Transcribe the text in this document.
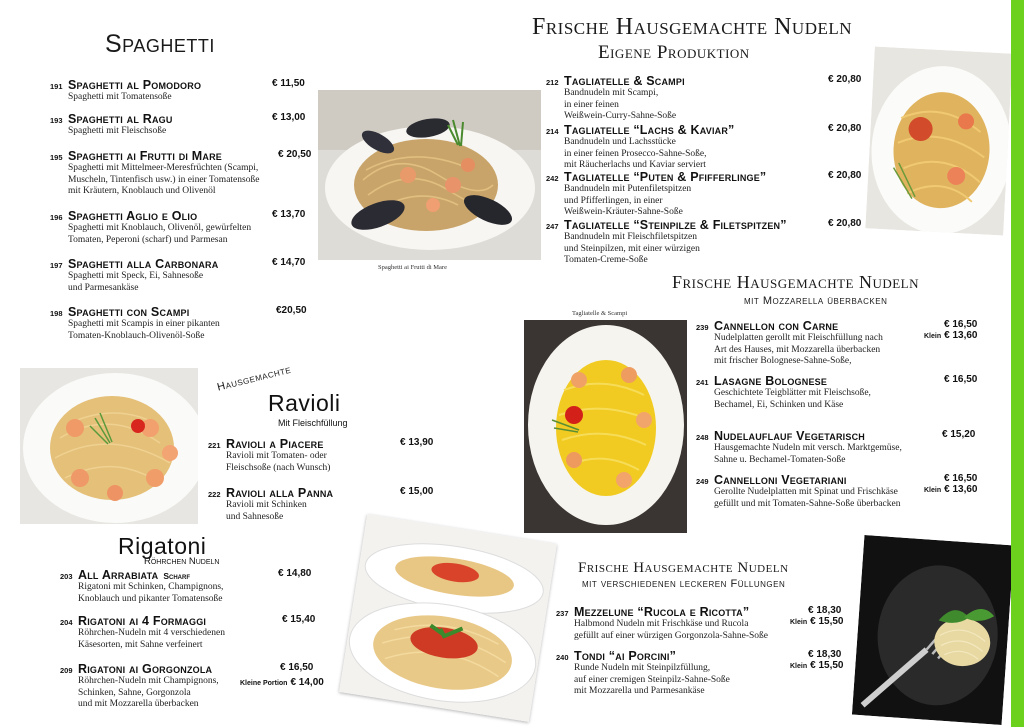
Spaghetti
191 Spaghetti al Pomodoro	€ 11,50
Spaghetti mit Tomatensoße
193 Spaghetti al Ragu	€ 13,00
Spaghetti mit Fleischsoße
195 Spaghetti ai Frutti di Mare	€ 20,50
Spaghetti mit Mittelmeer-Meresfrüchten (Scampi,
Muscheln, Tintenfisch usw.) in einer Tomatensoße
mit Kräutern, Knoblauch und Olivenöl
196 Spaghetti Aglio e Olio	€ 13,70
Spaghetti mit Knoblauch, Olivenöl, gewürfelten
Tomaten, Peperoni (scharf) und Parmesan
197 Spaghetti alla Carbonara	€ 14,70
Spaghetti mit Speck, Ei, Sahnesoße
und Parmesankäse
198 Spaghetti con Scampi	€20,50
Spaghetti mit Scampis in einer pikanten
Tomaten-Knoblauch-Olivenöl-Soße
Spaghetti ai Frutti di Mare
Hausgemachte
Ravioli
Mit Fleischfüllung
221 Ravioli a Piacere	€ 13,90
Ravioli mit Tomaten- oder
Fleischsoße (nach Wunsch)
222 Ravioli alla Panna	€ 15,00
Ravioli mit Schinken
und Sahnesoße
Rigatoni
Röhrchen Nudeln
203 All Arrabiata Scharf	€ 14,80
Rigatoni mit Schinken, Champignons,
Knoblauch und pikanter Tomatensoße
204 Rigatoni ai 4 Formaggi	€ 15,40
Röhrchen-Nudeln mit 4 verschiedenen
Käsesorten, mit Sahne verfeinert
209 Rigatoni ai Gorgonzola	€ 16,50
Kleine Portion € 14,00
Röhrchen-Nudeln mit Champignons,
Schinken, Sahne, Gorgonzola
und mit Mozzarella überbacken
Frische Hausgemachte Nudeln
Eigene Produktion
212 Tagliatelle & Scampi	€ 20,80
Bandnudeln mit Scampi,
in einer feinen
Weißwein-Curry-Sahne-Soße
214 Tagliatelle “Lachs & Kaviar”	€ 20,80
Bandnudeln und Lachsstücke
in einer feinen Prosecco-Sahne-Soße,
mit Räucherlachs und Kaviar serviert
242 Tagliatelle “Puten & Pfifferlinge”	€ 20,80
Bandnudeln mit Putenfiletspitzen
und Pfifferlingen, in einer
Weißwein-Kräuter-Sahne-Soße
247 Tagliatelle “Steinpilze & Filetspitzen”	€ 20,80
Bandnudeln mit Fleischfiletspitzen
und Steinpilzen, mit einer würzigen
Tomaten-Creme-Soße
Frische Hausgemachte Nudeln
mit Mozzarella überbacken
Tagliatelle & Scampi
239 Cannellon con Carne	€ 16,50
Klein € 13,60
Nudelplatten gerollt mit Fleischfüllung nach
Art des Hauses, mit Mozzarella überbacken
mit frischer Bolognese-Sahne-Soße,
241 Lasagne Bolognese	€ 16,50
Geschichtete Teigblätter mit Fleischsoße,
Bechamel, Ei, Schinken und Käse
248 Nudelauflauf Vegetarisch	€ 15,20
Hausgemachte Nudeln mit versch. Marktgemüse,
Sahne u. Bechamel-Tomaten-Soße
249 Cannelloni Vegetariani	€ 16,50
Klein € 13,60
Gerollte Nudelplatten mit Spinat und Frischkäse
gefüllt und mit Tomaten-Sahne-Soße überbacken
Frische Hausgemachte Nudeln
mit verschiedenen leckeren Füllungen
237 Mezzelune “Rucola e Ricotta”	€ 18,30
Klein € 15,50
Halbmond Nudeln mit Frischkäse und Rucola
gefüllt auf einer würzigen Gorgonzola-Sahne-Soße
240 Tondi “ai Porcini”	€ 18,30
Klein € 15,50
Runde Nudeln mit Steinpilzfüllung,
auf einer cremigen Steinpilz-Sahne-Soße
mit Mozzarella und Parmesankäse
